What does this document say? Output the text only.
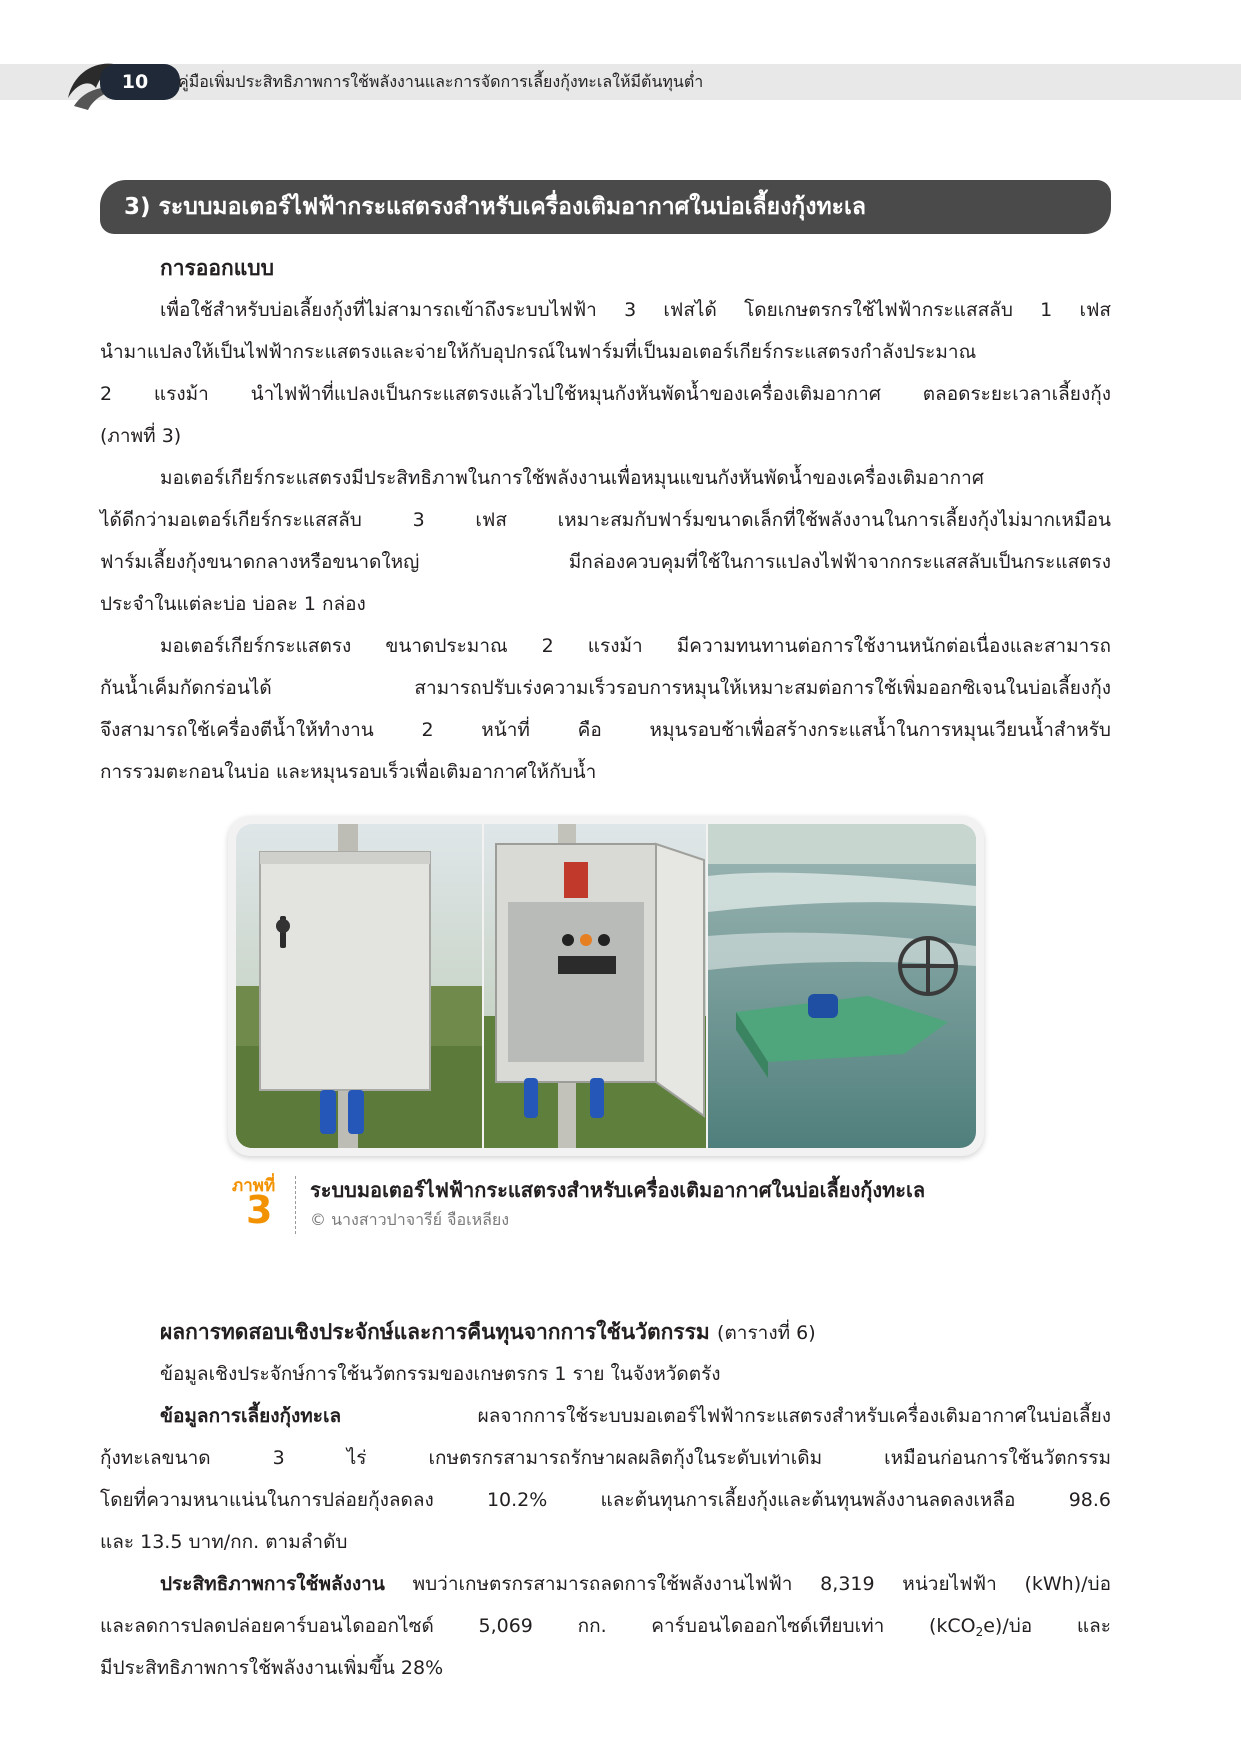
10	คู่มือเพิ่มประสิทธิภาพการใช้พลังงานและการจัดการเลี้ยงกุ้งทะเลให้มีต้นทุนต่ำ
3) ระบบมอเตอร์ไฟฟ้ากระแสตรงสำหรับเครื่องเติมอากาศในบ่อเลี้ยงกุ้งทะเล
การออกแบบ
เพื่อใช้สำหรับบ่อเลี้ยงกุ้งที่ไม่สามารถเข้าถึงระบบไฟฟ้า 3 เฟสได้ โดยเกษตรกรใช้ไฟฟ้ากระแสสลับ 1 เฟส
นำมาแปลงให้เป็นไฟฟ้ากระแสตรงและจ่ายให้กับอุปกรณ์ในฟาร์มที่เป็นมอเตอร์เกียร์กระแสตรงกำลังประมาณ
2 แรงม้า นำไฟฟ้าที่แปลงเป็นกระแสตรงแล้วไปใช้หมุนกังหันพัดน้ำของเครื่องเติมอากาศ ตลอดระยะเวลาเลี้ยงกุ้ง
(ภาพที่ 3)
มอเตอร์เกียร์กระแสตรงมีประสิทธิภาพในการใช้พลังงานเพื่อหมุนแขนกังหันพัดน้ำของเครื่องเติมอากาศ
ได้ดีกว่ามอเตอร์เกียร์กระแสสลับ 3 เฟส เหมาะสมกับฟาร์มขนาดเล็กที่ใช้พลังงานในการเลี้ยงกุ้งไม่มากเหมือน
ฟาร์มเลี้ยงกุ้งขนาดกลางหรือขนาดใหญ่ มีกล่องควบคุมที่ใช้ในการแปลงไฟฟ้าจากกระแสสลับเป็นกระแสตรง
ประจำในแต่ละบ่อ บ่อละ 1 กล่อง
มอเตอร์เกียร์กระแสตรง ขนาดประมาณ 2 แรงม้า มีความทนทานต่อการใช้งานหนักต่อเนื่องและสามารถ
กันน้ำเค็มกัดกร่อนได้ สามารถปรับเร่งความเร็วรอบการหมุนให้เหมาะสมต่อการใช้เพิ่มออกซิเจนในบ่อเลี้ยงกุ้ง
จึงสามารถใช้เครื่องตีน้ำให้ทำงาน 2 หน้าที่ คือ หมุนรอบช้าเพื่อสร้างกระแสน้ำในการหมุนเวียนน้ำสำหรับ
การรวมตะกอนในบ่อ และหมุนรอบเร็วเพื่อเติมอากาศให้กับน้ำ
ภาพที่
3 ระบบมอเตอร์ไฟฟ้ากระแสตรงสำหรับเครื่องเติมอากาศในบ่อเลี้ยงกุ้งทะเล
© นางสาวปาจารีย์ จือเหลียง
ผลการทดสอบเชิงประจักษ์และการคืนทุนจากการใช้นวัตกรรม (ตารางที่ 6)
ข้อมูลเชิงประจักษ์การใช้นวัตกรรมของเกษตรกร 1 ราย ในจังหวัดตรัง
ข้อมูลการเลี้ยงกุ้งทะเล	ผลจากการใช้ระบบมอเตอร์ไฟฟ้ากระแสตรงสำหรับเครื่องเติมอากาศในบ่อเลี้ยง
กุ้งทะเลขนาด 3 ไร่ เกษตรกรสามารถรักษาผลผลิตกุ้งในระดับเท่าเดิม เหมือนก่อนการใช้นวัตกรรม
โดยที่ความหนาแน่นในการปล่อยกุ้งลดลง 10.2% และต้นทุนการเลี้ยงกุ้งและต้นทุนพลังงานลดลงเหลือ 98.6
และ 13.5 บาท/กก. ตามลำดับ
ประสิทธิภาพการใช้พลังงาน พบว่าเกษตรกรสามารถลดการใช้พลังงานไฟฟ้า 8,319 หน่วยไฟฟ้า (kWh)/บ่อ
และลดการปลดปล่อยคาร์บอนไดออกไซด์ 5,069 กก. คาร์บอนไดออกไซด์เทียบเท่า (kCO$_2$e)/บ่อ และ
มีประสิทธิภาพการใช้พลังงานเพิ่มขึ้น 28%
